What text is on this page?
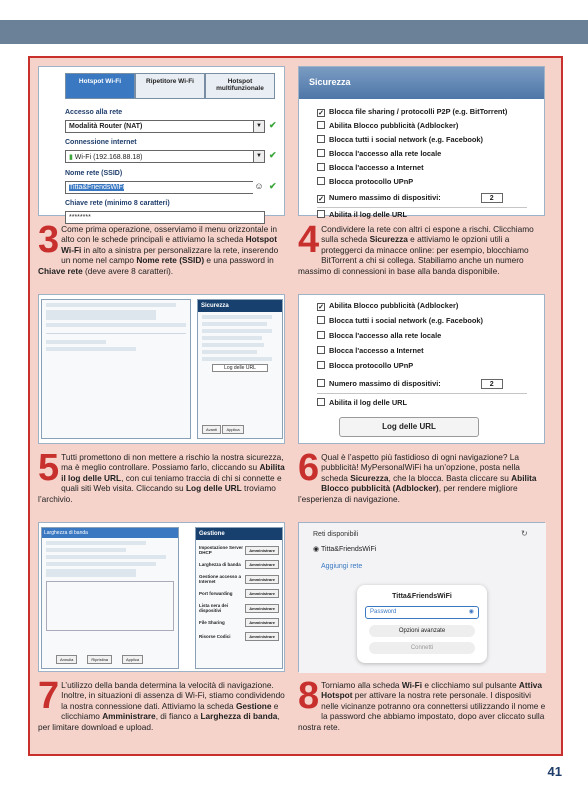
Hotspot Wi-Fi	Ripetitore Wi-Fi	Hotspot multifunzionale
Accesso alla rete
Modalità Router (NAT)	▼ ✔
Connessione internet
▮ Wi-Fi (192.168.88.18)	▼ ✔
Nome rete (SSID)
Titta&FriendsWiFi	☺ ✔
Chiave rete (minimo 8 caratteri)
********
3 Come prima operazione, osserviamo il menu orizzontale in alto con le schede principali e attiviamo la scheda Hotspot Wi-Fi in alto a sinistra per personalizzare la rete, inserendo un nome nel campo Nome rete (SSID) e una password in Chiave rete (deve avere 8 caratteri).
Sicurezza
✓ Blocca file sharing / protocolli P2P (e.g. BitTorrent)
Abilita Blocco pubblicità (Adblocker)
Blocca tutti i social network (e.g. Facebook)
Blocca l'accesso alla rete locale
Blocca l'accesso a Internet
Blocca protocollo UPnP
✓ Numero massimo di dispositivi:	2
Abilita il log delle URL
4 Condividere la rete con altri ci espone a rischi. Clicchiamo sulla scheda Sicurezza e attiviamo le opzioni utili a proteggerci da minacce online: per esempio, blocchiamo BitTorrent a chi si collega. Stabiliamo anche un numero massimo di connessioni in base alla banda disponibile.
Sicurezza
Log delle URL
Avanti Applica
5 Tutti promettono di non mettere a rischio la nostra sicurezza, ma è meglio controllare. Possiamo farlo, cliccando su Abilita il log delle URL, con cui teniamo traccia di chi si connette e quali siti Web visita. Cliccando su Log delle URL troviamo l’archivio.
✓ Abilita Blocco pubblicità (Adblocker)
Blocca tutti i social network (e.g. Facebook)
Blocca l'accesso alla rete locale
Blocca l'accesso a Internet
Blocca protocollo UPnP
Numero massimo di dispositivi:	2
Abilita il log delle URL
Log delle URL
6 Qual è l’aspetto più fastidioso di ogni navigazione? La pubblicità! MyPersonalWiFi ha un’opzione, posta nella scheda Sicurezza, che la blocca. Basta cliccare su Abilita Blocco pubblicità (Adblocker), per rendere migliore l’esperienza di navigazione.
Larghezza di banda
Annulla	Ripristina	Applica
Gestione
Impostazione Server DHCP	Amministrare
Larghezza di banda	Amministrare
Gestione accesso a Internet	Amministrare
Port forwarding	Amministrare
Lista nera dei dispositivi	Amministrare
File Sharing	Amministrare
Risorse Codici	Amministrare
7 L’utilizzo della banda determina la velocità di navigazione. Inoltre, in situazioni di assenza di Wi-Fi, stiamo condividendo la nostra connessione dati. Attiviamo la scheda Gestione e clicchiamo Amministrare, di fianco a Larghezza di banda, per limitare download e upload.
Reti disponibili	↻
◉ Titta&FriendsWiFi
Aggiungi rete
Titta&FriendsWiFi
Password	◉
Opzioni avanzate
Connetti
8 Torniamo alla scheda Wi-Fi e clicchiamo sul pulsante Attiva Hotspot per attivare la nostra rete personale. I dispositivi nelle vicinanze potranno ora connettersi utilizzando il nome e la password che abbiamo impostato, dopo aver cliccato sulla nostra rete.
41
